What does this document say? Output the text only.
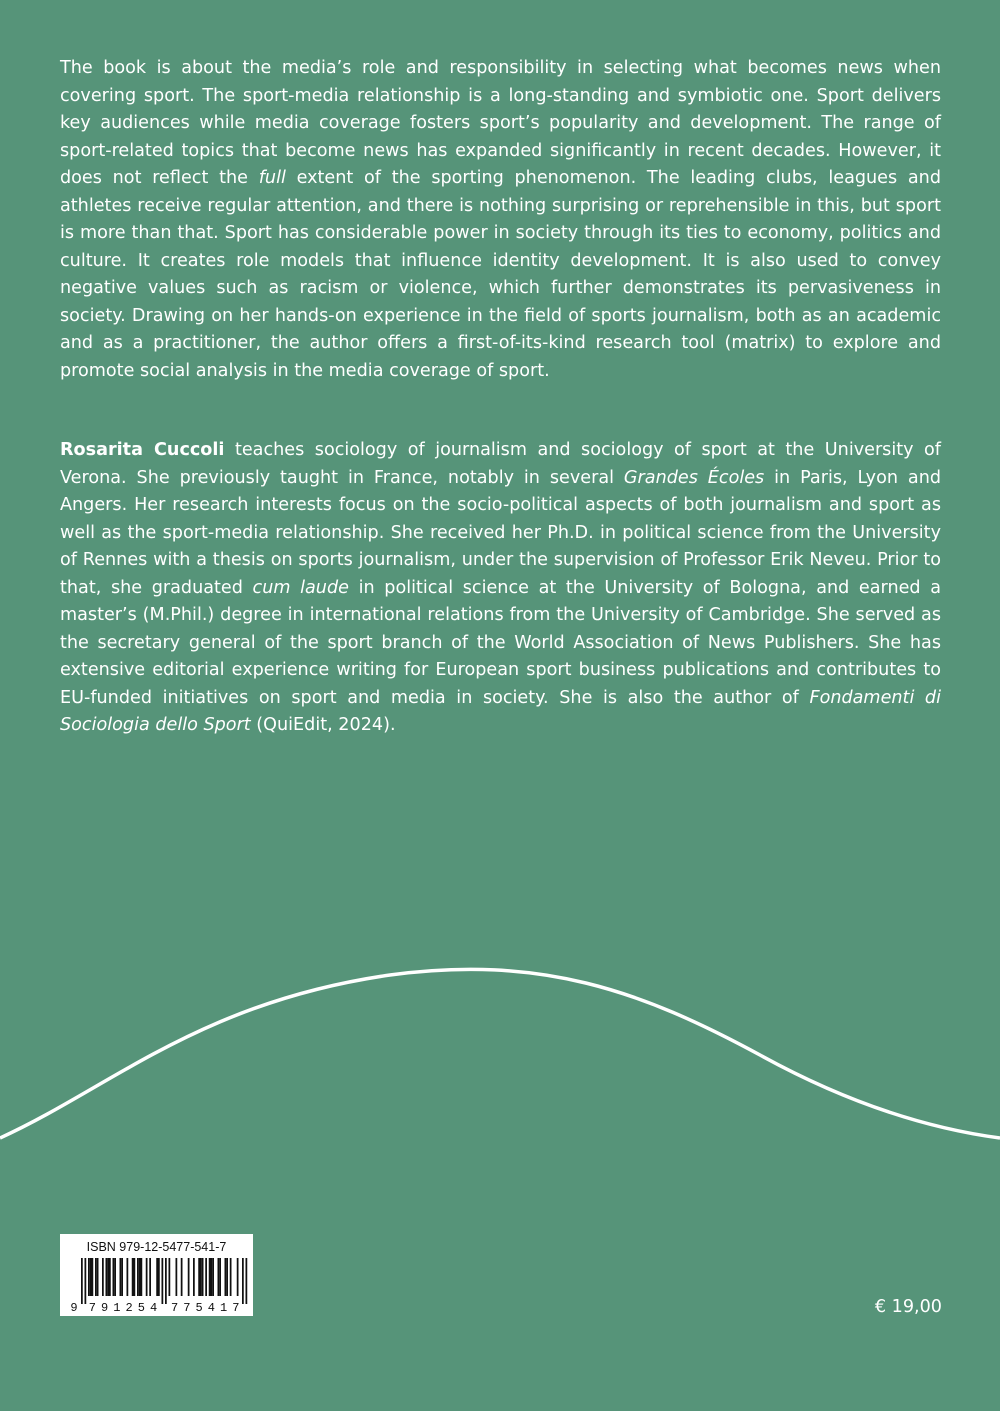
The book is about the media’s role and responsibility in selecting what becomes news when covering sport. The sport-media relationship is a long-standing and symbiotic one. Sport delivers key audiences while media coverage fosters sport’s popularity and development. The range of sport-related topics that become news has expanded significantly in recent decades. However, it does not reflect the full extent of the sporting phenomenon. The leading clubs, leagues and athletes receive regular attention, and there is nothing surprising or reprehensible in this, but sport is more than that. Sport has considerable power in society through its ties to economy, politics and culture. It creates role models that influence identity development. It is also used to convey negative values such as racism or violence, which further demonstrates its pervasiveness in society. Drawing on her hands-on experience in the field of sports journalism, both as an academic and as a practitioner, the author offers a first-of-its-kind research tool (matrix) to explore and promote social analysis in the media coverage of sport.

Rosarita Cuccoli teaches sociology of journalism and sociology of sport at the University of Verona. She previously taught in France, notably in several Grandes Écoles in Paris, Lyon and Angers. Her research interests focus on the socio-political aspects of both journalism and sport as well as the sport-media relationship. She received her Ph.D. in political science from the University of Rennes with a thesis on sports journalism, under the supervision of Professor Erik Neveu. Prior to that, she graduated cum laude in political science at the University of Bologna, and earned a master’s (M.Phil.) degree in international relations from the University of Cambridge. She served as the secretary general of the sport branch of the World Association of News Publishers. She has extensive editorial experience writing for European sport business publications and contributes to EU-funded initiatives on sport and media in society. She is also the author of Fondamenti di Sociologia dello Sport (QuiEdit, 2024).

ISBN 979-12-5477-541-7
9 7 9 1 2 5 4 7 7 5 4 1 7	€ 19,00
